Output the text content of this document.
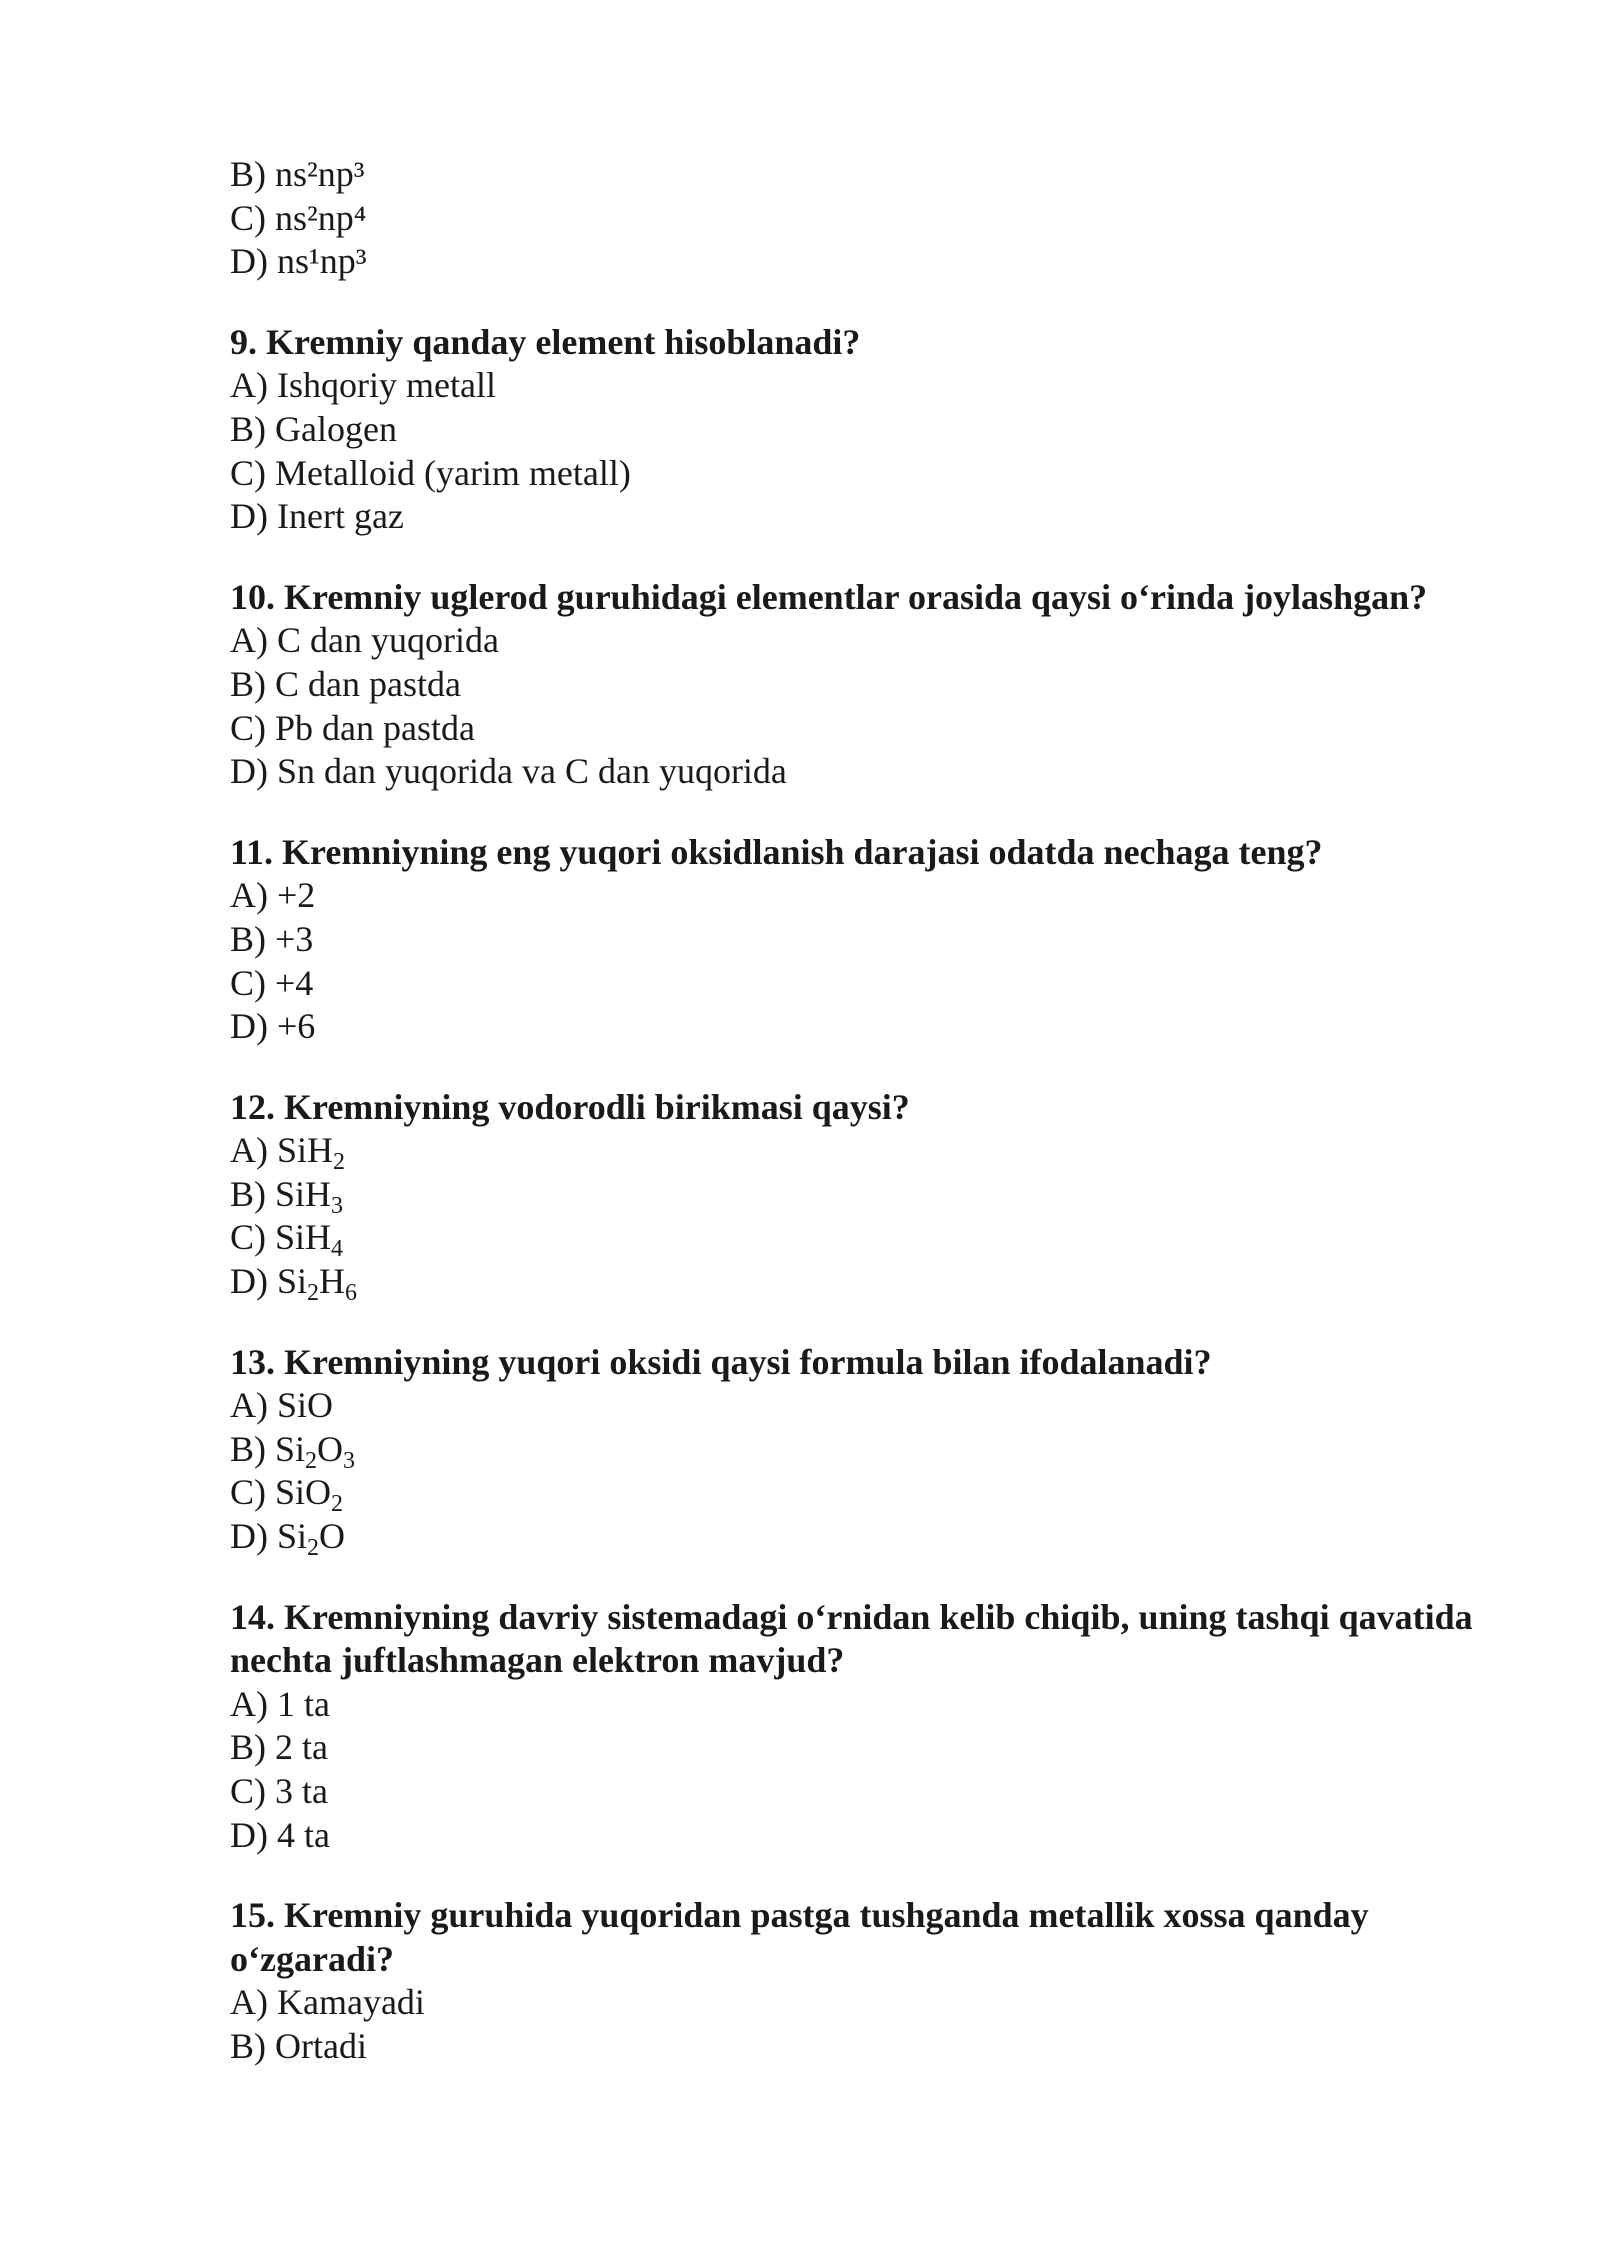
B) ns²np³

C) ns²np⁴

D) ns¹np³

9. Kremniy qanday element hisoblanadi?

A) Ishqoriy metall

B) Galogen

C) Metalloid (yarim metall)

D) Inert gaz

10. Kremniy uglerod guruhidagi elementlar orasida qaysi o‘rinda joylashgan?

A) C dan yuqorida

B) C dan pastda

C) Pb dan pastda

D) Sn dan yuqorida va C dan yuqorida

11. Kremniyning eng yuqori oksidlanish darajasi odatda nechaga teng?

A) +2

B) +3

C) +4

D) +6

12. Kremniyning vodorodli birikmasi qaysi?

A) SiH$_2$

B) SiH$_3$

C) SiH$_4$

D) $Si_2H_6$

13. Kremniyning yuqori oksidi qaysi formula bilan ifodalanadi?

A) SiO

B) $Si_2O_3$

C) SiO$_2$

D) $Si_2O$

14. Kremniyning davriy sistemadagi o‘rnidan kelib chiqib, uning tashqi qavatida nechta juftlashmagan elektron mavjud?

A) 1 ta

B) 2 ta

C) 3 ta

D) 4 ta

15. Kremniy guruhida yuqoridan pastga tushganda metallik xossa qanday o‘zgaradi?

A) Kamayadi

B) Ortadi
